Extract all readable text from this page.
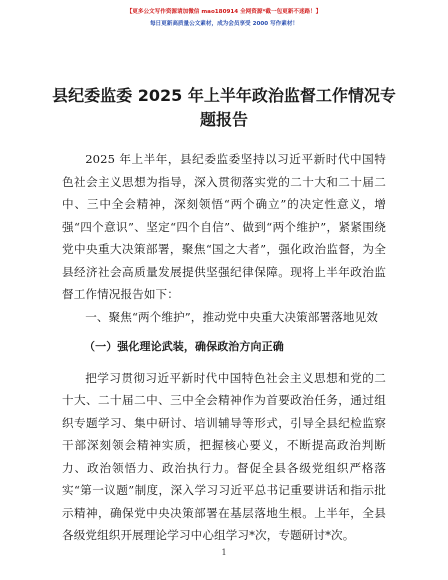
【更多公文写作资源请加微信 mao180914 全网资源*截一包更新不迷路！】
每日更新高质量公文素材，成为会员享受 2000 写作素材！
县纪委监委 2025 年上半年政治监督工作情况专题报告

2025 年上半年，县纪委监委坚持以习近平新时代中国特色社会主义思想为指导，深入贯彻落实党的二十大和二十届二中、三中全会精神，深刻领悟“两个确立”的决定性意义，增强“四个意识”、坚定“四个自信”、做到“两个维护”，紧紧围绕党中央重大决策部署，聚焦“国之大者”，强化政治监督，为全县经济社会高质量发展提供坚强纪律保障。现将上半年政治监督工作情况报告如下：

一、聚焦“两个维护”，推动党中央重大决策部署落地见效

（一）强化理论武装，确保政治方向正确

把学习贯彻习近平新时代中国特色社会主义思想和党的二十大、二十届二中、三中全会精神作为首要政治任务，通过组织专题学习、集中研讨、培训辅导等形式，引导全县纪检监察干部深刻领会精神实质，把握核心要义，不断提高政治判断力、政治领悟力、政治执行力。督促全县各级党组织严格落实“第一议题”制度，深入学习习近平总书记重要讲话和指示批示精神，确保党中央决策部署在基层落地生根。上半年，全县各级党组织开展理论学习中心组学习*次，专题研讨*次。

1
